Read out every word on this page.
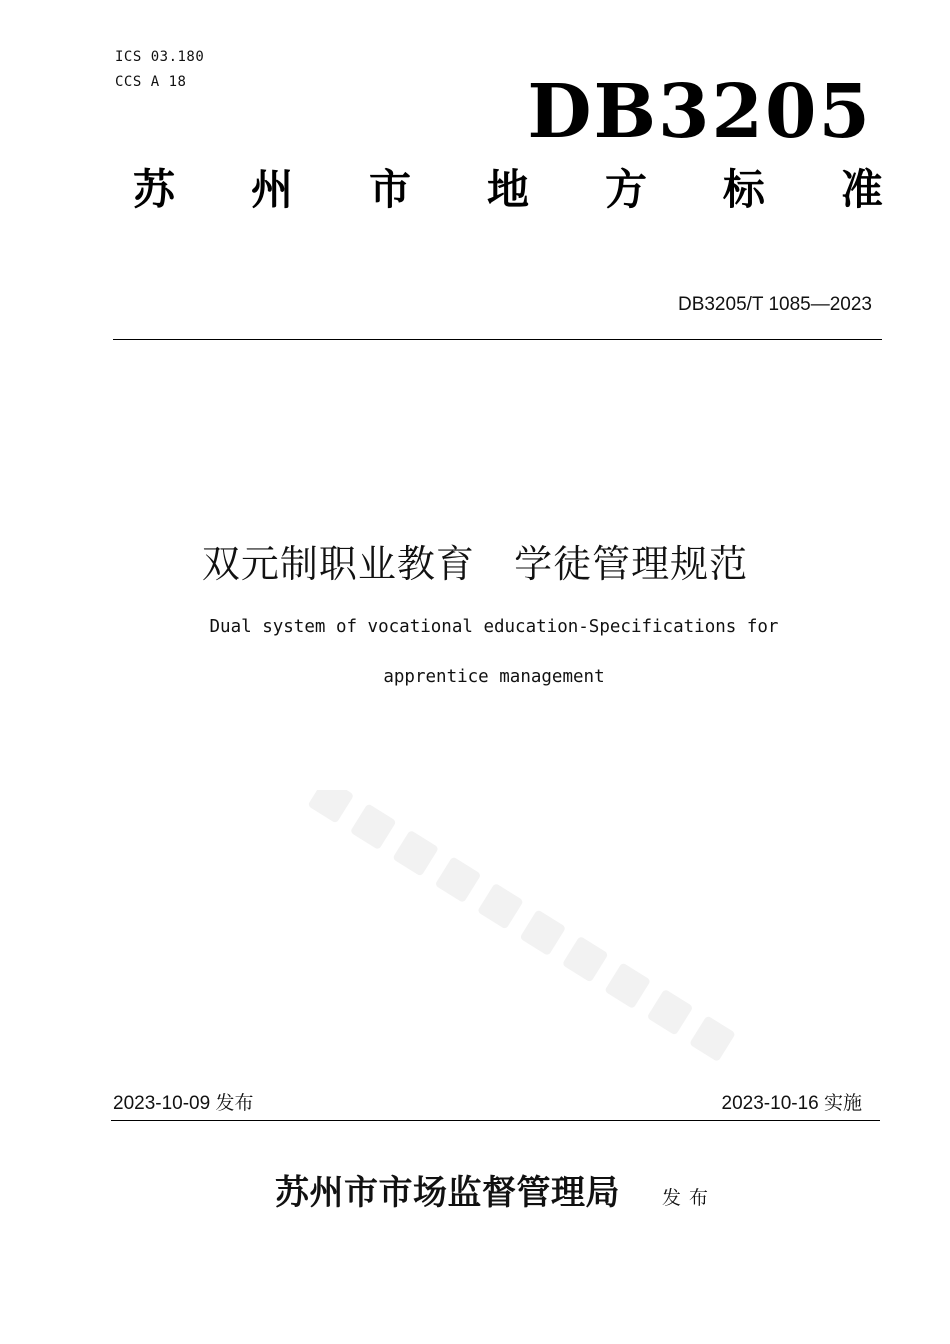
ICS 03.180

CCS A 18	DB3205

苏 州 市 地 方 标 准

DB3205/T 1085—2023

双元制职业教育   学徒管理规范

Dual system of vocational education-Specifications for

apprentice management

2023-10-09 发布	2023-10-16 实施

苏州市市场监督管理局 发布
